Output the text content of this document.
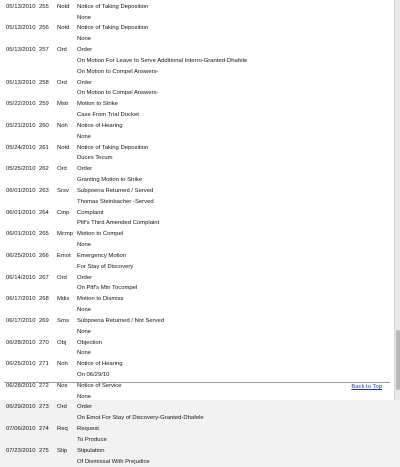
05/13/2010 255 Notd Notice of Taking Deposition
None
05/13/2010 256 Notd Notice of Taking Deposition
None
05/13/2010 257 Ord Order
On Motion For Leave to Serve Additional Interro-Granted-Dhafele
On Motion to Compel Answers-
05/13/2010 258 Ord Order
On Motion to Compel Answers-
05/22/2010 259 Mstr Motion to Strike
Case From Trial Docket
05/21/2010 260 Noh Notice of Hearing
None
05/24/2010 261 Notd Notice of Taking Deposition
Duces Tecum
05/25/2010 262 Ord Order
Granting Motion to Strike
06/01/2010 263 Srsv Subpoena Returned / Served
Thomas Steinbacher -Served
06/01/2010 264 Cmp Complaint
Pltf's Third Amended Complaint
06/01/2010 265 Mcmp Motion to Compel
None
06/25/2010 266 Emot Emergency Motion
For Stay of Discovery
06/14/2010 267 Ord Order
On Pltf's Mtn Tocompel
06/17/2010 268 Mdis Motion to Dismiss
None
06/17/2010 269 Srns Subpoena Returned / Not Served
None
06/28/2010 270 Obj Objection
None
06/25/2010 271 Noh Notice of Hearing
On 06/29/10
06/28/2010 272 Nos Notice of Service
None
06/29/2010 273 Ord Order
On Emot For Stay of Discovery-Granted-Dhafele
07/06/2010 274 Req Request
To Produce
07/23/2010 275 Stip Stipulation
Of Dismissal With Prejudice
Back to Top
